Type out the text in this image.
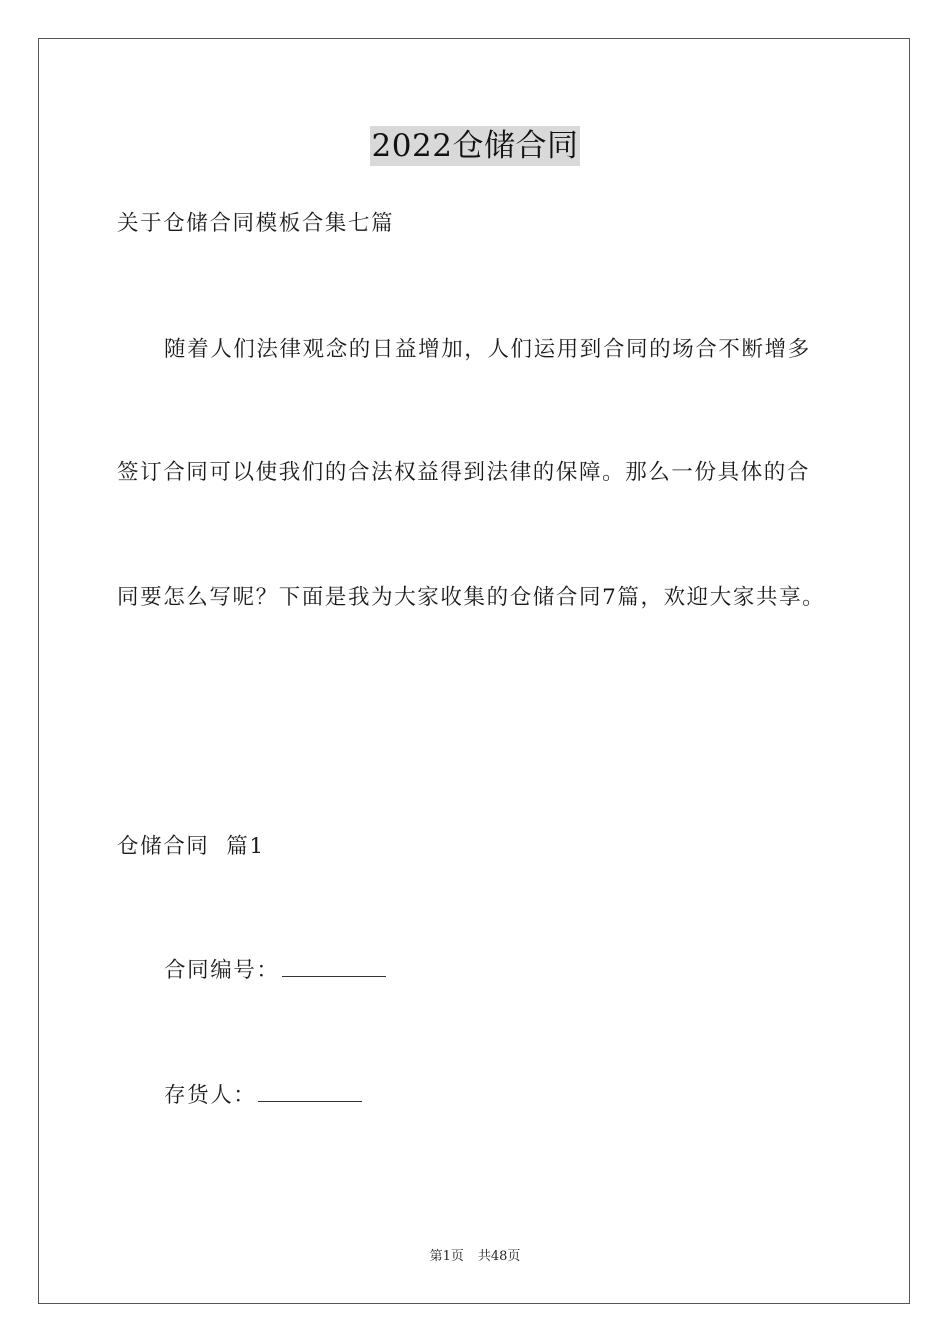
2022仓储合同
关于仓储合同模板合集七篇
随着人们法律观念的日益增加，人们运用到合同的场合不断增多
签订合同可以使我们的合法权益得到法律的保障。那么一份具体的合
同要怎么写呢？下面是我为大家收集的仓储合同7篇，欢迎大家共享。
仓储合同  篇1
合同编号：
存货人：
第1页 共48页
